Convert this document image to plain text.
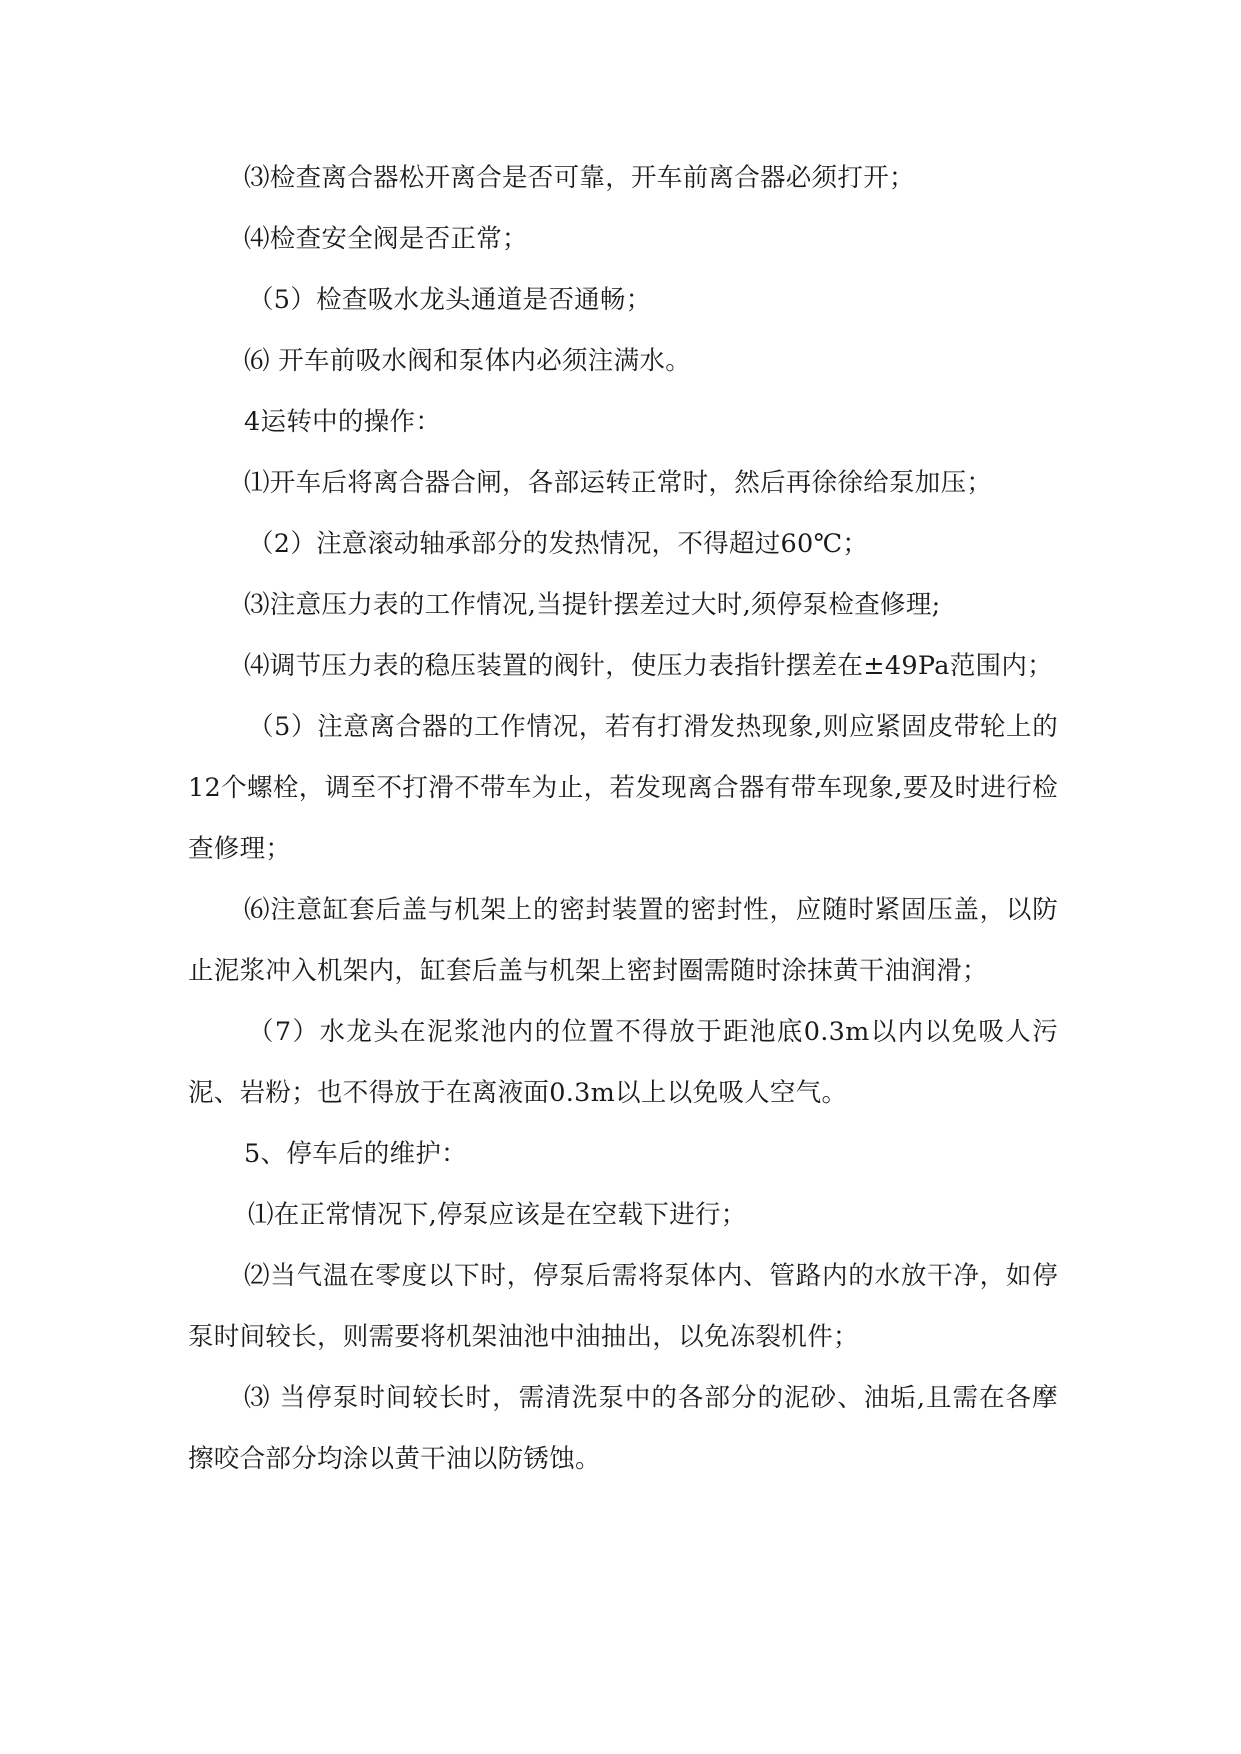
⑶检查离合器松开离合是否可靠，开车前离合器必须打开；

⑷检查安全阀是否正常；

（5）检查吸水龙头通道是否通畅；

⑹ 开车前吸水阀和泵体内必须注满水。

4运转中的操作：

⑴开车后将离合器合闸，各部运转正常时，然后再徐徐给泵加压；

（2）注意滚动轴承部分的发热情况，不得超过60℃；

⑶注意压力表的工作情况,当提针摆差过大时,须停泵检查修理;

⑷调节压力表的稳压装置的阀针，使压力表指针摆差在±49Pa范围内；

（5）注意离合器的工作情况，若有打滑发热现象,则应紧固皮带轮上的12个螺栓，调至不打滑不带车为止，若发现离合器有带车现象,要及时进行检查修理；

⑹注意缸套后盖与机架上的密封装置的密封性，应随时紧固压盖，以防止泥浆冲入机架内，缸套后盖与机架上密封圈需随时涂抹黄干油润滑；

（7）水龙头在泥浆池内的位置不得放于距池底0.3m以内以免吸人污泥、岩粉；也不得放于在离液面0.3m以上以免吸人空气。

5、停车后的维护：

⑴在正常情况下,停泵应该是在空载下进行；

⑵当气温在零度以下时，停泵后需将泵体内、管路内的水放干净，如停泵时间较长，则需要将机架油池中油抽出，以免冻裂机件；

⑶ 当停泵时间较长时，需清洗泵中的各部分的泥砂、油垢,且需在各摩擦咬合部分均涂以黄干油以防锈蚀。
